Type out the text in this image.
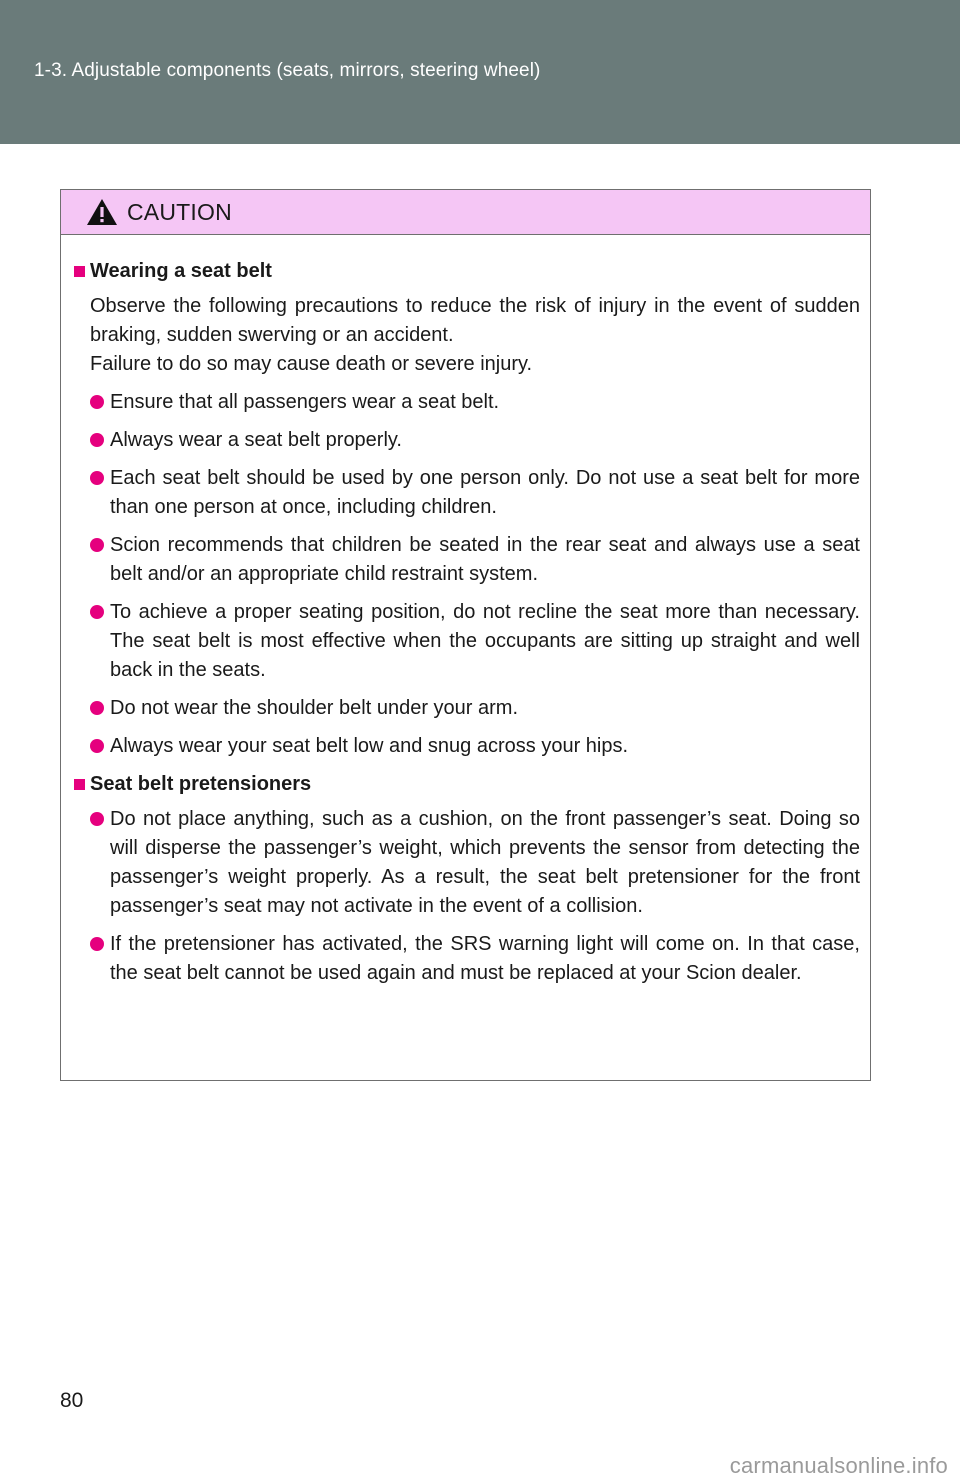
1-3. Adjustable components (seats, mirrors, steering wheel)
CAUTION
Wearing a seat belt
Observe the following precautions to reduce the risk of injury in the event of sudden braking, sudden swerving or an accident.
Failure to do so may cause death or severe injury.
Ensure that all passengers wear a seat belt.
Always wear a seat belt properly.
Each seat belt should be used by one person only. Do not use a seat belt for more than one person at once, including children.
Scion recommends that children be seated in the rear seat and always use a seat belt and/or an appropriate child restraint system.
To achieve a proper seating position, do not recline the seat more than necessary. The seat belt is most effective when the occupants are sitting up straight and well back in the seats.
Do not wear the shoulder belt under your arm.
Always wear your seat belt low and snug across your hips.
Seat belt pretensioners
Do not place anything, such as a cushion, on the front passenger’s seat. Doing so will disperse the passenger’s weight, which prevents the sensor from detecting the passenger’s weight properly. As a result, the seat belt pretensioner for the front passenger’s seat may not activate in the event of a collision.
If the pretensioner has activated, the SRS warning light will come on. In that case, the seat belt cannot be used again and must be replaced at your Scion dealer.
80
carmanualsonline.info
